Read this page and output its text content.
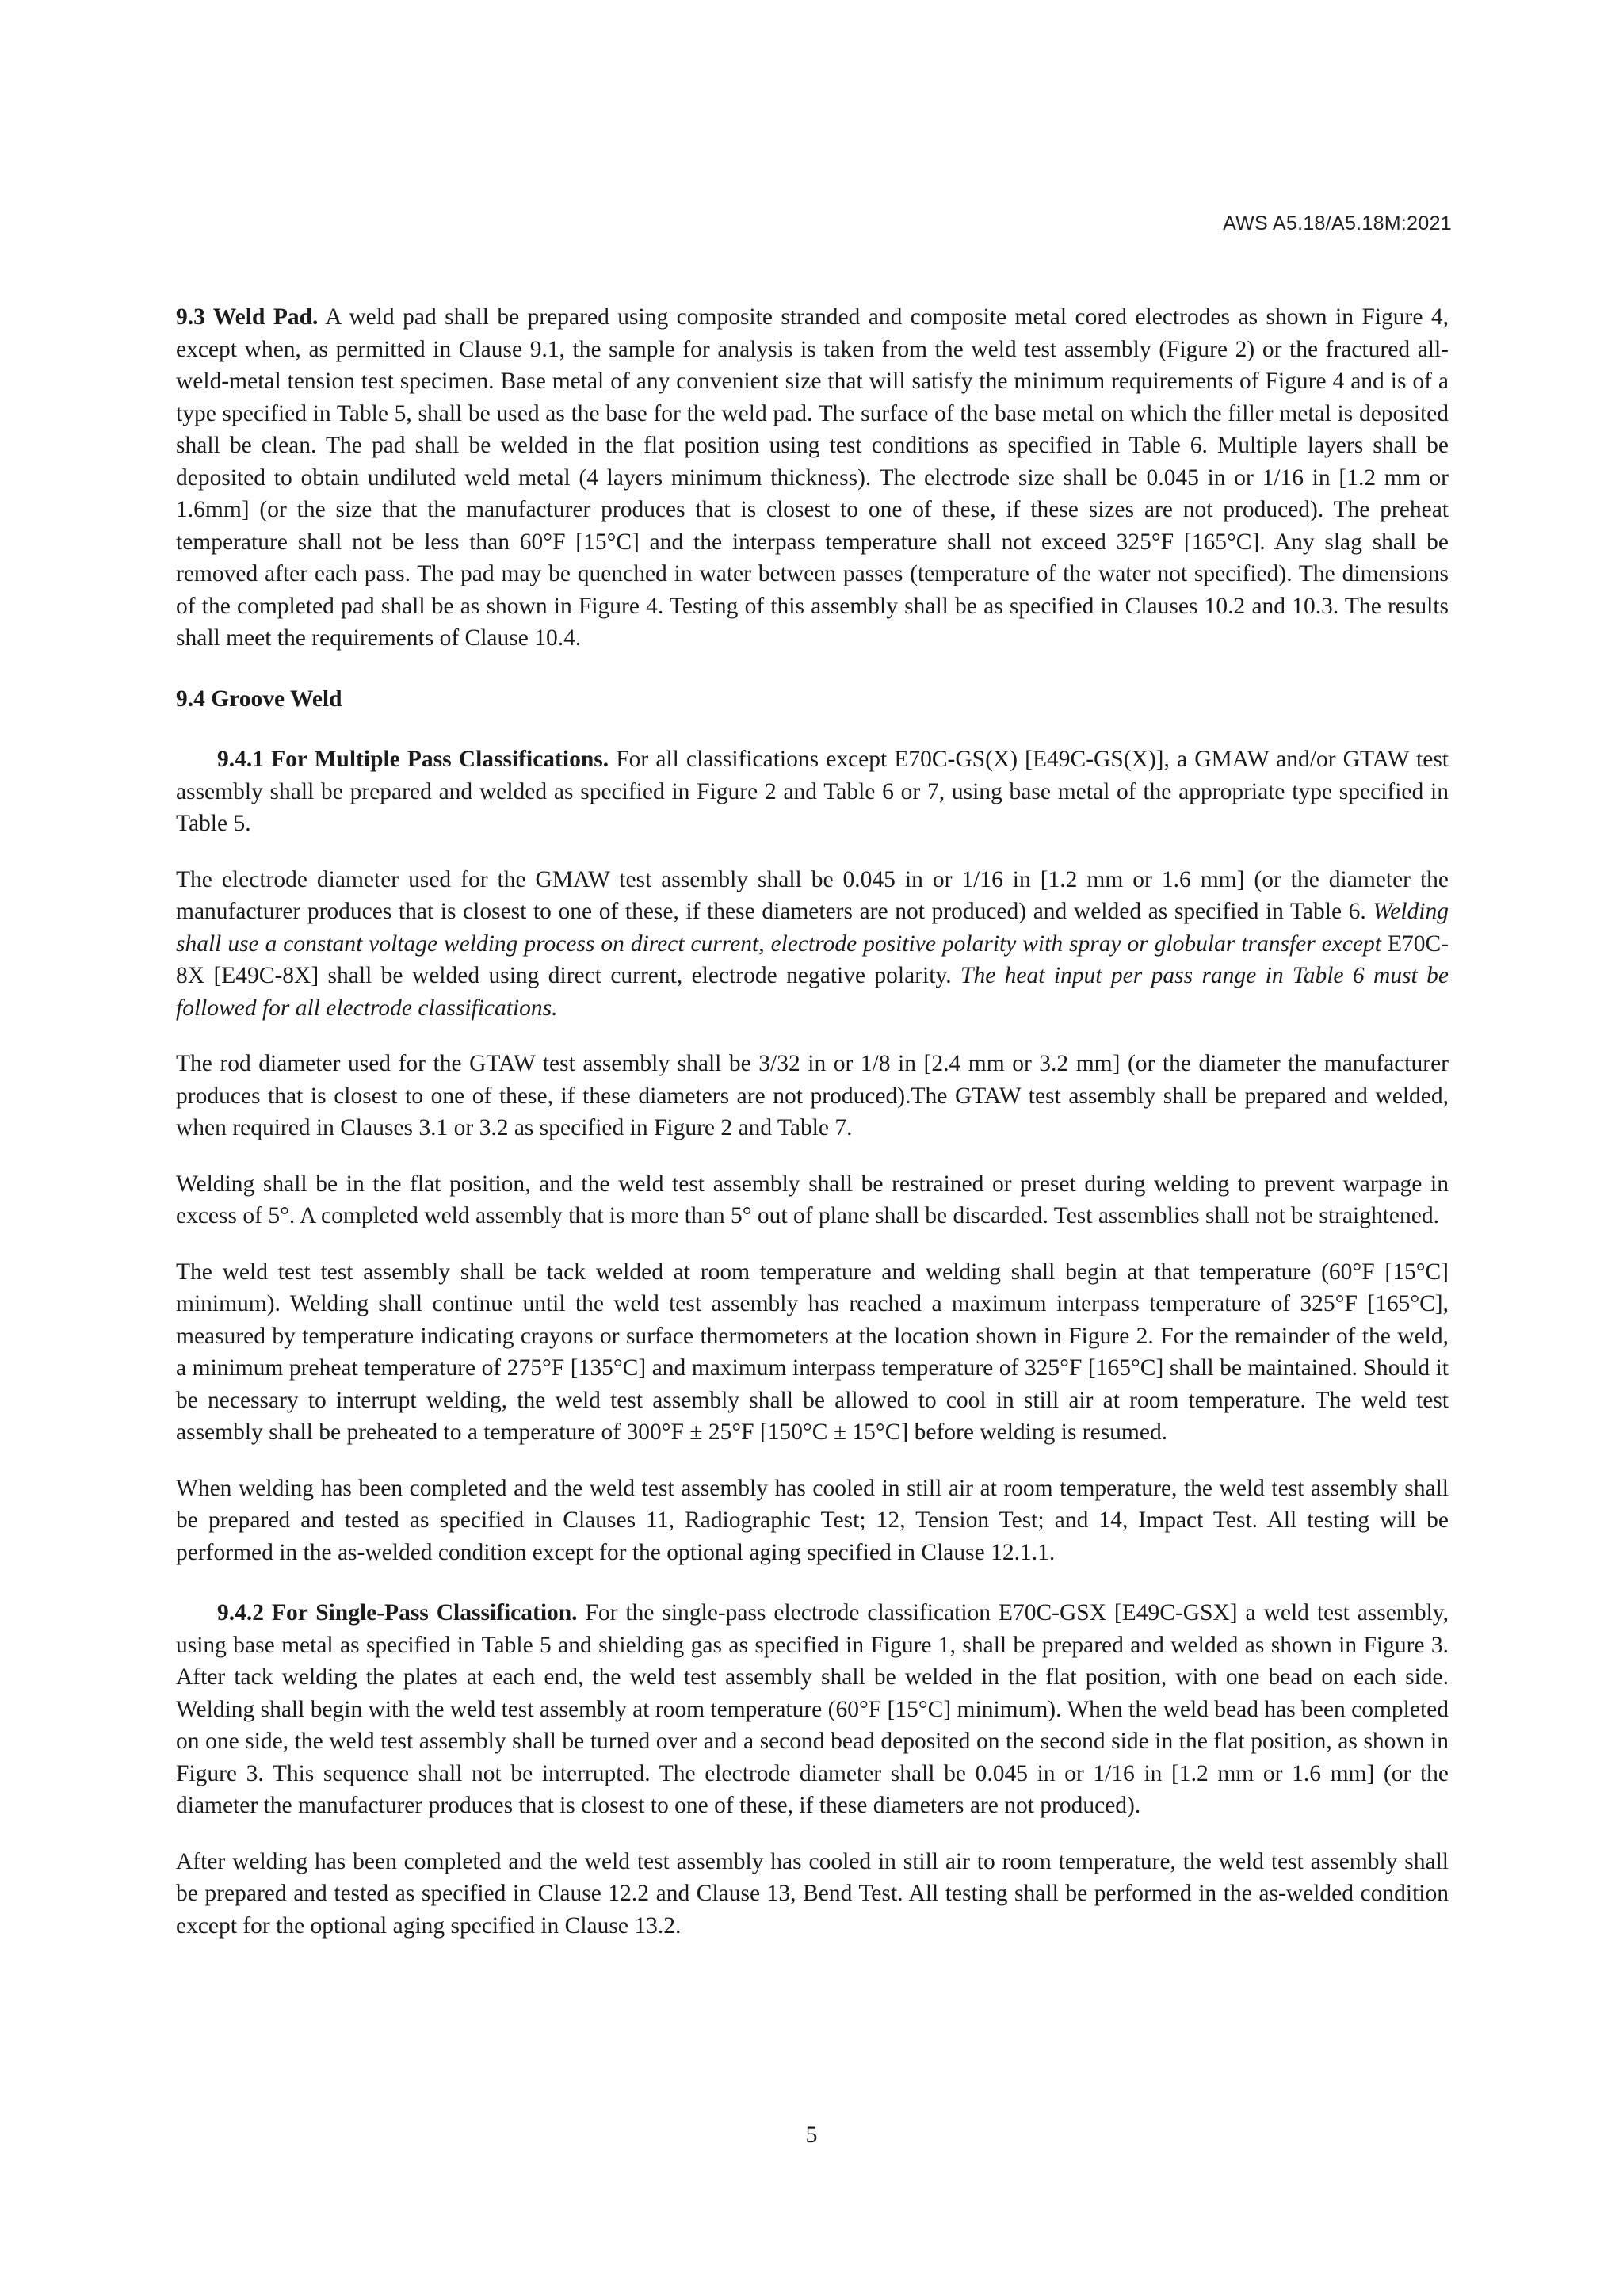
AWS A5.18/A5.18M:2021

9.3 Weld Pad. A weld pad shall be prepared using composite stranded and composite metal cored electrodes as shown in Figure 4, except when, as permitted in Clause 9.1, the sample for analysis is taken from the weld test assembly (Figure 2) or the fractured all-weld-metal tension test specimen. Base metal of any convenient size that will satisfy the minimum requirements of Figure 4 and is of a type specified in Table 5, shall be used as the base for the weld pad. The surface of the base metal on which the filler metal is deposited shall be clean. The pad shall be welded in the flat position using test conditions as specified in Table 6. Multiple layers shall be deposited to obtain undiluted weld metal (4 layers minimum thickness). The electrode size shall be 0.045 in or 1/16 in [1.2 mm or 1.6mm] (or the size that the manufacturer produces that is closest to one of these, if these sizes are not produced). The preheat temperature shall not be less than 60°F [15°C] and the interpass temperature shall not exceed 325°F [165°C]. Any slag shall be removed after each pass. The pad may be quenched in water between passes (temperature of the water not specified). The dimensions of the completed pad shall be as shown in Figure 4. Testing of this assembly shall be as specified in Clauses 10.2 and 10.3. The results shall meet the requirements of Clause 10.4.

9.4 Groove Weld

9.4.1 For Multiple Pass Classifications. For all classifications except E70C-GS(X) [E49C-GS(X)], a GMAW and/or GTAW test assembly shall be prepared and welded as specified in Figure 2 and Table 6 or 7, using base metal of the appropriate type specified in Table 5.

The electrode diameter used for the GMAW test assembly shall be 0.045 in or 1/16 in [1.2 mm or 1.6 mm] (or the diameter the manufacturer produces that is closest to one of these, if these diameters are not produced) and welded as specified in Table 6. Welding shall use a constant voltage welding process on direct current, electrode positive polarity with spray or globular transfer except E70C-8X [E49C-8X] shall be welded using direct current, electrode negative polarity. The heat input per pass range in Table 6 must be followed for all electrode classifications.

The rod diameter used for the GTAW test assembly shall be 3/32 in or 1/8 in [2.4 mm or 3.2 mm] (or the diameter the manufacturer produces that is closest to one of these, if these diameters are not produced).The GTAW test assembly shall be prepared and welded, when required in Clauses 3.1 or 3.2 as specified in Figure 2 and Table 7.

Welding shall be in the flat position, and the weld test assembly shall be restrained or preset during welding to prevent warpage in excess of 5°. A completed weld assembly that is more than 5° out of plane shall be discarded. Test assemblies shall not be straightened.

The weld test test assembly shall be tack welded at room temperature and welding shall begin at that temperature (60°F [15°C] minimum). Welding shall continue until the weld test assembly has reached a maximum interpass temperature of 325°F [165°C], measured by temperature indicating crayons or surface thermometers at the location shown in Figure 2. For the remainder of the weld, a minimum preheat temperature of 275°F [135°C] and maximum interpass temperature of 325°F [165°C] shall be maintained. Should it be necessary to interrupt welding, the weld test assembly shall be allowed to cool in still air at room temperature. The weld test assembly shall be preheated to a temperature of 300°F ± 25°F [150°C ± 15°C] before welding is resumed.

When welding has been completed and the weld test assembly has cooled in still air at room temperature, the weld test assembly shall be prepared and tested as specified in Clauses 11, Radiographic Test; 12, Tension Test; and 14, Impact Test. All testing will be performed in the as-welded condition except for the optional aging specified in Clause 12.1.1.

9.4.2 For Single-Pass Classification. For the single-pass electrode classification E70C-GSX [E49C-GSX] a weld test assembly, using base metal as specified in Table 5 and shielding gas as specified in Figure 1, shall be prepared and welded as shown in Figure 3. After tack welding the plates at each end, the weld test assembly shall be welded in the flat position, with one bead on each side. Welding shall begin with the weld test assembly at room temperature (60°F [15°C] minimum). When the weld bead has been completed on one side, the weld test assembly shall be turned over and a second bead deposited on the second side in the flat position, as shown in Figure 3. This sequence shall not be interrupted. The electrode diameter shall be 0.045 in or 1/16 in [1.2 mm or 1.6 mm] (or the diameter the manufacturer produces that is closest to one of these, if these diameters are not produced).

After welding has been completed and the weld test assembly has cooled in still air to room temperature, the weld test assembly shall be prepared and tested as specified in Clause 12.2 and Clause 13, Bend Test. All testing shall be performed in the as-welded condition except for the optional aging specified in Clause 13.2.

5
